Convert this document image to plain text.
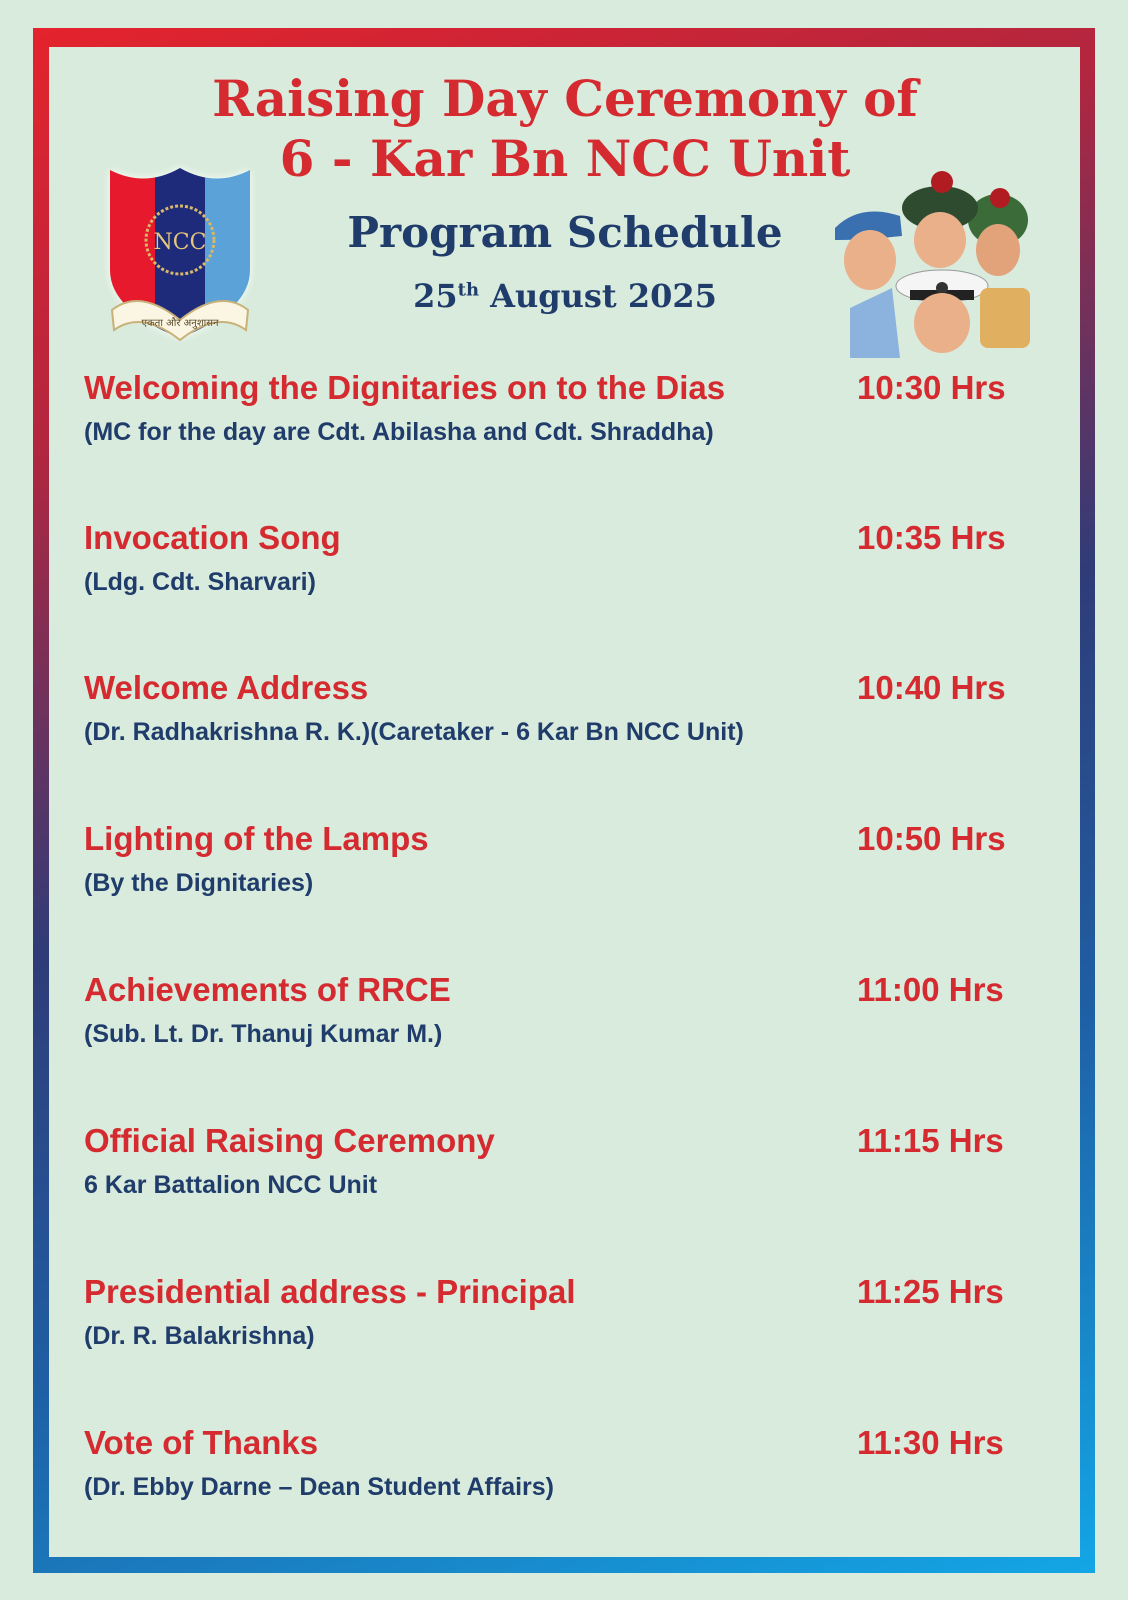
NCC
एकता और अनुशासन
Raising Day Ceremony of
6 - Kar Bn NCC Unit
Program Schedule
25th August 2025
Welcoming the Dignitaries on to the Dias	10:30 Hrs
(MC for the day are Cdt. Abilasha and Cdt. Shraddha)
Invocation Song	10:35 Hrs
(Ldg. Cdt. Sharvari)
Welcome Address	10:40 Hrs
(Dr. Radhakrishna R. K.)(Caretaker - 6 Kar Bn NCC Unit)
Lighting of the Lamps	10:50 Hrs
(By the Dignitaries)
Achievements of RRCE	11:00 Hrs
(Sub. Lt. Dr. Thanuj Kumar M.)
Official Raising Ceremony	11:15 Hrs
6 Kar Battalion NCC Unit
Presidential address - Principal	11:25 Hrs
(Dr. R. Balakrishna)
Vote of Thanks	11:30 Hrs
(Dr. Ebby Darne – Dean Student Affairs)
